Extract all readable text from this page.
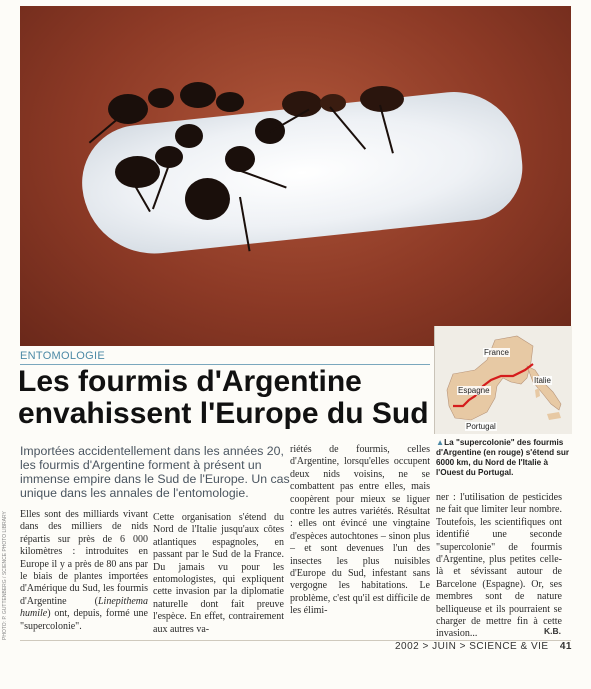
PHOTO: P. GUTTENBERG / SCIENCE PHOTO LIBRARY
France
Espagne
Italie
Portugal
▲La "supercolonie" des fourmis d'Argentine (en rouge) s'étend sur 6000 km, du Nord de l'Italie à l'Ouest du Portugal.
ENTOMOLOGIE
Les fourmis d'Argentine
envahissent l'Europe du Sud

Importées accidentellement dans les années 20, les fourmis d'Argentine forment à présent un immense empire dans le Sud de l'Europe. Un cas unique dans les annales de l'entomologie.

Elles sont des milliards vivant dans des milliers de nids répartis sur près de 6 000 kilomètres : introduites en Europe il y a près de 80 ans par le biais de plantes importées d'Amérique du Sud, les fourmis d'Argentine (Linepithema humile) ont, depuis, formé une "supercolonie".

Cette organisation s'étend du Nord de l'Italie jusqu'aux côtes atlantiques espagnoles, en passant par le Sud de la France. Du jamais vu pour les entomologistes, qui expliquent cette invasion par la diplomatie naturelle dont fait preuve l'espèce. En effet, contrairement aux autres va-

riétés de fourmis, celles d'Argentine, lorsqu'elles occupent deux nids voisins, ne se combattent pas entre elles, mais coopèrent pour mieux se liguer contre les autres variétés. Résultat : elles ont évincé une vingtaine d'espèces autochtones – sinon plus – et sont devenues l'un des insectes les plus nuisibles d'Europe du Sud, infestant sans vergogne les habitations. Le problème, c'est qu'il est difficile de les élimi-

ner : l'utilisation de pesticides ne fait que limiter leur nombre. Toutefois, les scientifiques ont identifié une seconde "supercolonie" de fourmis d'Argentine, plus petites celle-là et sévissant autour de Barcelone (Espagne). Or, ses membres sont de nature belliqueuse et ils pourraient se charger de mettre fin à cette invasion...	K.B.
2002 > JUIN > SCIENCE & VIE 41
